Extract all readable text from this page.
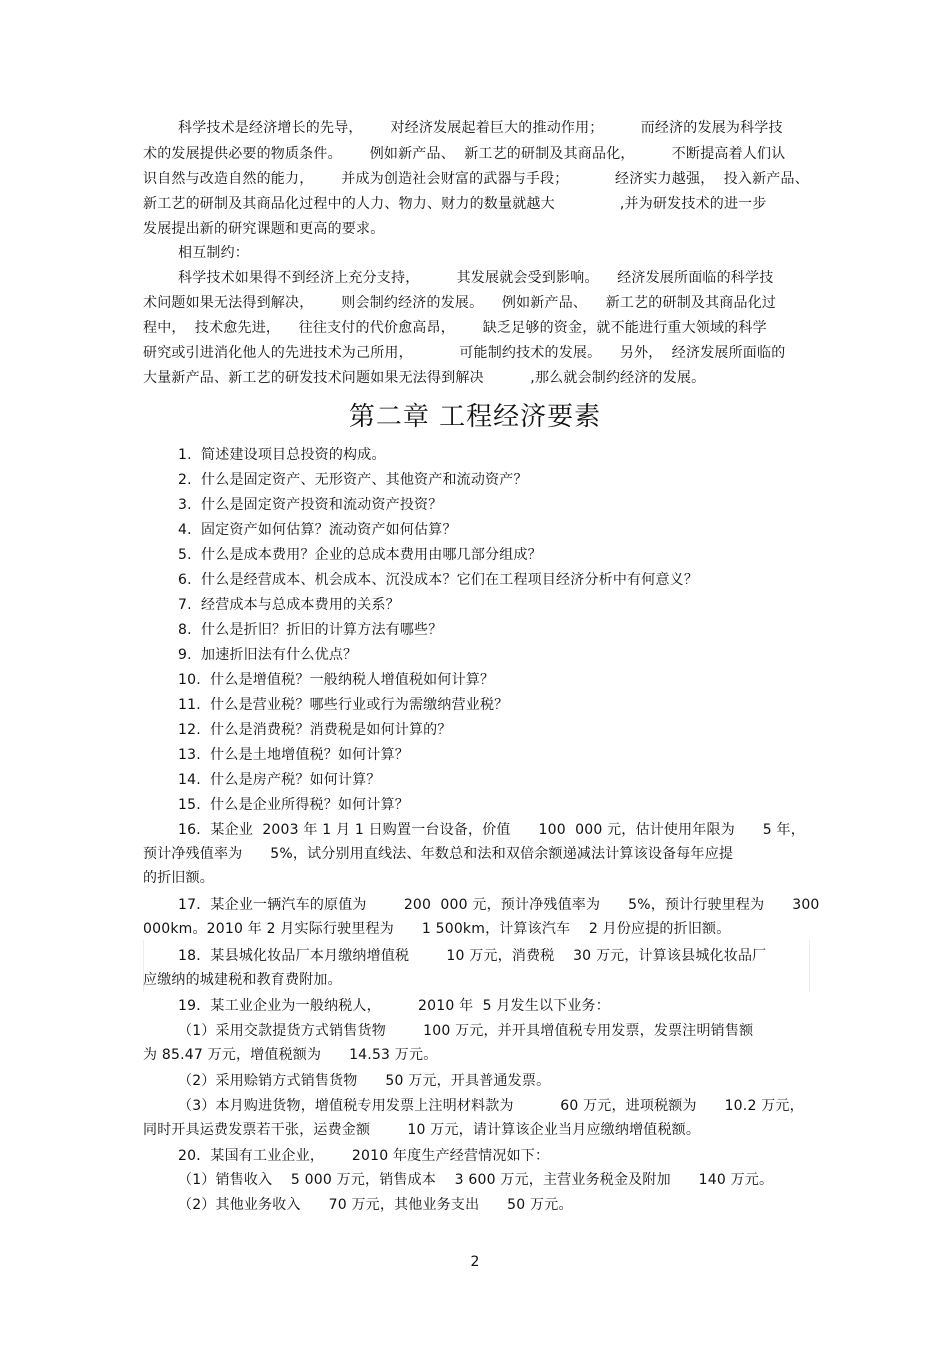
科学技术是经济增长的先导，      对经济发展起着巨大的推动作用；        而经济的发展为科学技
术的发展提供必要的物质条件。      例如新产品、  新工艺的研制及其商品化，        不断提高着人们认
识自然与改造自然的能力，      并成为创造社会财富的武器与手段；          经济实力越强，  投入新产品、
新工艺的研制及其商品化过程中的人力、物力、财力的数量就越大              ,并为研发技术的进一步
发展提出新的研究课题和更高的要求。
相互制约：
科学技术如果得不到经济上充分支持，        其发展就会受到影响。    经济发展所面临的科学技
术问题如果无法得到解决，      则会制约经济的发展。    例如新产品、    新工艺的研制及其商品化过
程中，  技术愈先进，    往往支付的代价愈高昂，      缺乏足够的资金，就不能进行重大领域的科学
研究或引进消化他人的先进技术为己所用，          可能制约技术的发展。    另外，  经济发展所面临的
大量新产品、新工艺的研发技术问题如果无法得到解决          ,那么就会制约经济的发展。
第二章 工程经济要素
1.  简述建设项目总投资的构成。
2.  什么是固定资产、无形资产、其他资产和流动资产？
3.  什么是固定资产投资和流动资产投资？
4.  固定资产如何估算？流动资产如何估算？
5.  什么是成本费用？企业的总成本费用由哪几部分组成？
6.  什么是经营成本、机会成本、沉没成本？它们在工程项目经济分析中有何意义？
7.  经营成本与总成本费用的关系？
8.  什么是折旧？折旧的计算方法有哪些？
9.  加速折旧法有什么优点？
10.  什么是增值税？一般纳税人增值税如何计算？
11.  什么是营业税？哪些行业或行为需缴纳营业税？
12.  什么是消费税？消费税是如何计算的？
13.  什么是土地增值税？如何计算？
14.  什么是房产税？如何计算？
15.  什么是企业所得税？如何计算？
16．某企业  2003 年 1 月 1 日购置一台设备，价值      100  000 元，估计使用年限为      5 年，
预计净残值率为      5%，试分别用直线法、年数总和法和双倍余额递减法计算该设备每年应提
的折旧额。
17．某企业一辆汽车的原值为        200  000 元，预计净残值率为      5%，预计行驶里程为      300
000km。2010 年 2 月实际行驶里程为      1 500km，计算该汽车    2 月份应提的折旧额。
18．某县城化妆品厂本月缴纳增值税        10 万元，消费税    30 万元，计算该县城化妆品厂
应缴纳的城建税和教育费附加。
19．某工业企业为一般纳税人，        2010 年  5 月发生以下业务：
（1）采用交款提货方式销售货物        100 万元，并开具增值税专用发票，发票注明销售额
为 85.47 万元，增值税额为      14.53 万元。
（2）采用赊销方式销售货物      50 万元，开具普通发票。
（3）本月购进货物，增值税专用发票上注明材料款为          60 万元，进项税额为      10.2 万元，
同时开具运费发票若干张，运费金额        10 万元，请计算该企业当月应缴纳增值税额。
20．某国有工业企业，      2010 年度生产经营情况如下：
（1）销售收入    5 000 万元，销售成本    3 600 万元，主营业务税金及附加      140 万元。
（2）其他业务收入      70 万元，其他业务支出      50 万元。
2
